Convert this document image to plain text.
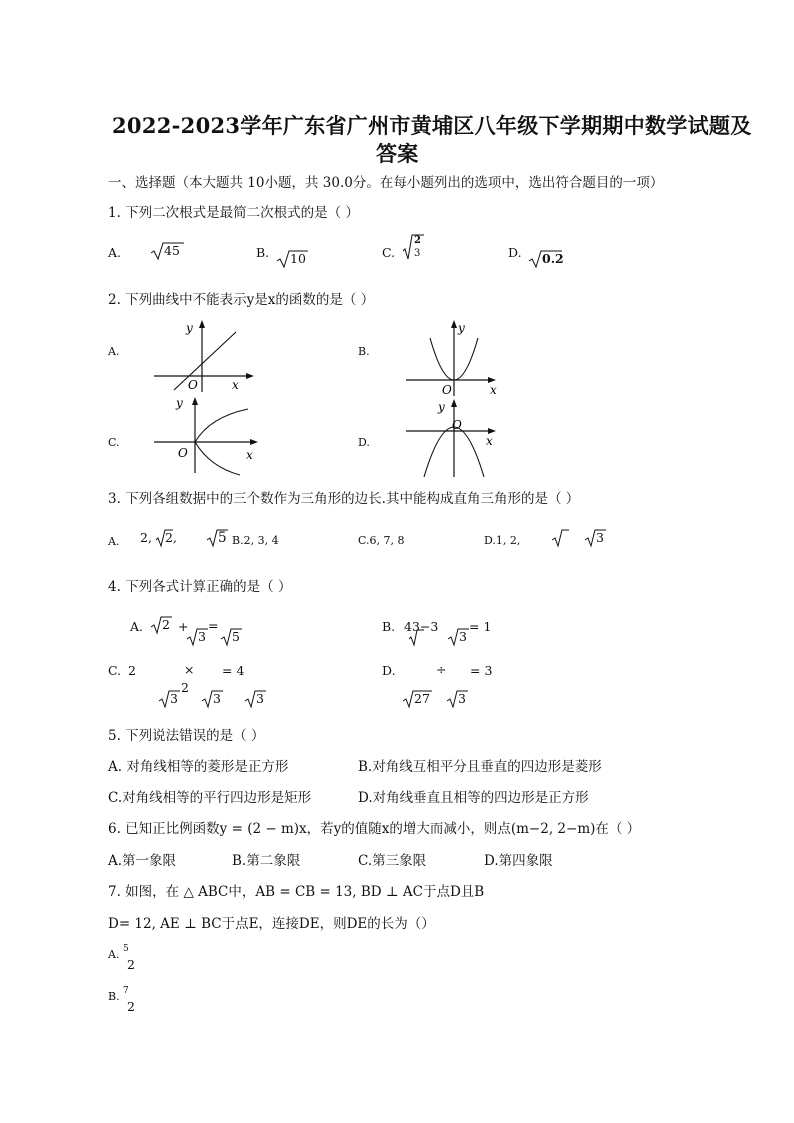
2022-2023学年广东省广州市黄埔区八年级下学期期中数学试题及
答案
一、选择题（本大题共 10小题，共 30.0分。在每小题列出的选项中，选出符合题目的一项）
1. 下列二次根式是最简二次根式的是（ ）
A.	45	B. 10	C.
2
3	D. 0.2
2. 下列曲线中不能表示y是x的函数的是（ ）
A.
y
x
O
B.
y
x
O
C.
y
x
O
D.
y
x
O
3. 下列各组数据中的三个数作为三角形的边长.其中能构成直角三角形的是（ ）
A. 2, 2,	5 B.2, 3, 4	C.6, 7, 8	D.1, 2,	3
4. 下列各式计算正确的是（ ）
A. 2 + =
3 5
B. 43−3
3
= 1
C. 2	× = 4
3
2
3	3
D.	÷ = 3
27 3
5. 下列说法错误的是（ ）
A. 对角线相等的菱形是正方形	B.对角线互相平分且垂直的四边形是菱形
C.对角线相等的平行四边形是矩形	D.对角线垂直且相等的四边形是正方形
6. 已知正比例函数y = (2 − m)x，若y的值随x的增大而减小，则点(m−2, 2−m)在（ ）
A.第一象限	B.第二象限	C.第三象限	D.第四象限
7. 如图，在 △ ABC中，AB = CB = 13, BD ⊥ AC于点D且B
D= 12, AE ⊥ BC于点E，连接DE，则DE的长为（）
A. 5
2
B. 7
2
